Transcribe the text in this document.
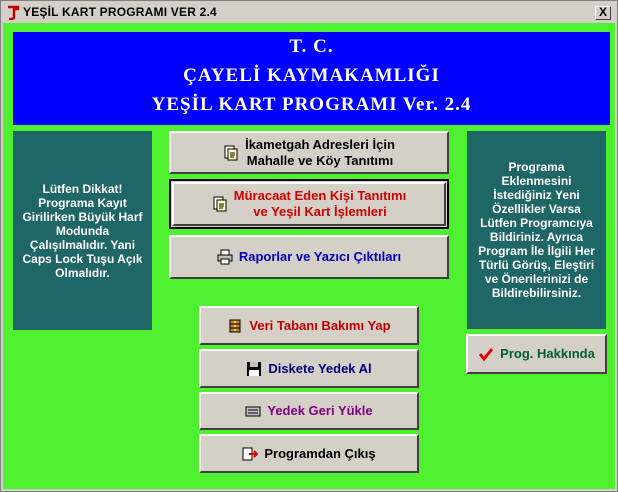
YEŞİL KART PROGRAMI VER 2.4	X
T. C.
ÇAYELİ KAYMAKAMLIĞI
YEŞİL KART PROGRAMI Ver. 2.4
Lütfen Dikkat! Programa Kayıt Girilirken Büyük Harf Modunda Çalışılmalıdır. Yani Caps Lock Tuşu Açık Olmalıdır.
Programa Eklenmesini İstediğiniz Yeni Özellikler Varsa Lütfen Programcıya Bildiriniz. Ayrıca Program İle İlgili Her Türlü Görüş, Eleştiri ve Önerilerinizi de Bildirebilirsiniz.
İkametgah Adresleri İçin
Mahalle ve Köy Tanıtımı
Müracaat Eden Kişi Tanıtımı
ve Yeşil Kart İşlemleri
Raporlar ve Yazıcı Çıktıları
Veri Tabanı Bakımı Yap
Diskete Yedek Al
Yedek Geri Yükle
Programdan Çıkış
Prog. Hakkında
